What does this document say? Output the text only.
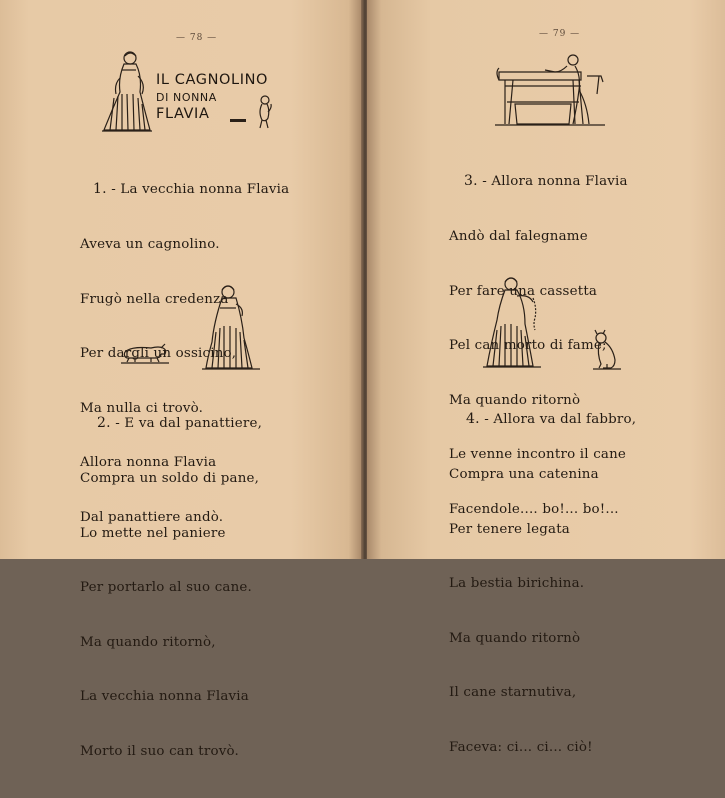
— 78 —
IL CAGNOLINO
DI NONNA
FLAVIA

1. - La vecchia nonna Flavia

Aveva un cagnolino.

Frugò nella credenza

Per dargli un ossicino,

Ma nulla ci trovò.

Allora nonna Flavia

Dal panattiere andò.

2. - E va dal panattiere,

Compra un soldo di pane,

Lo mette nel paniere

Per portarlo al suo cane.

Ma quando ritornò,

La vecchia nonna Flavia

Morto il suo can trovò.

— 79 —

3. - Allora nonna Flavia

Andò dal falegname

Per fare una cassetta

Pel can morto di fame;

Ma quando ritornò

Le venne incontro il cane

Facendole.... bo!... bo!...

4. - Allora va dal fabbro,

Compra una catenina

Per tenere legata

La bestia birichina.

Ma quando ritornò

Il cane starnutiva,

Faceva: ci... ci... ciò!
